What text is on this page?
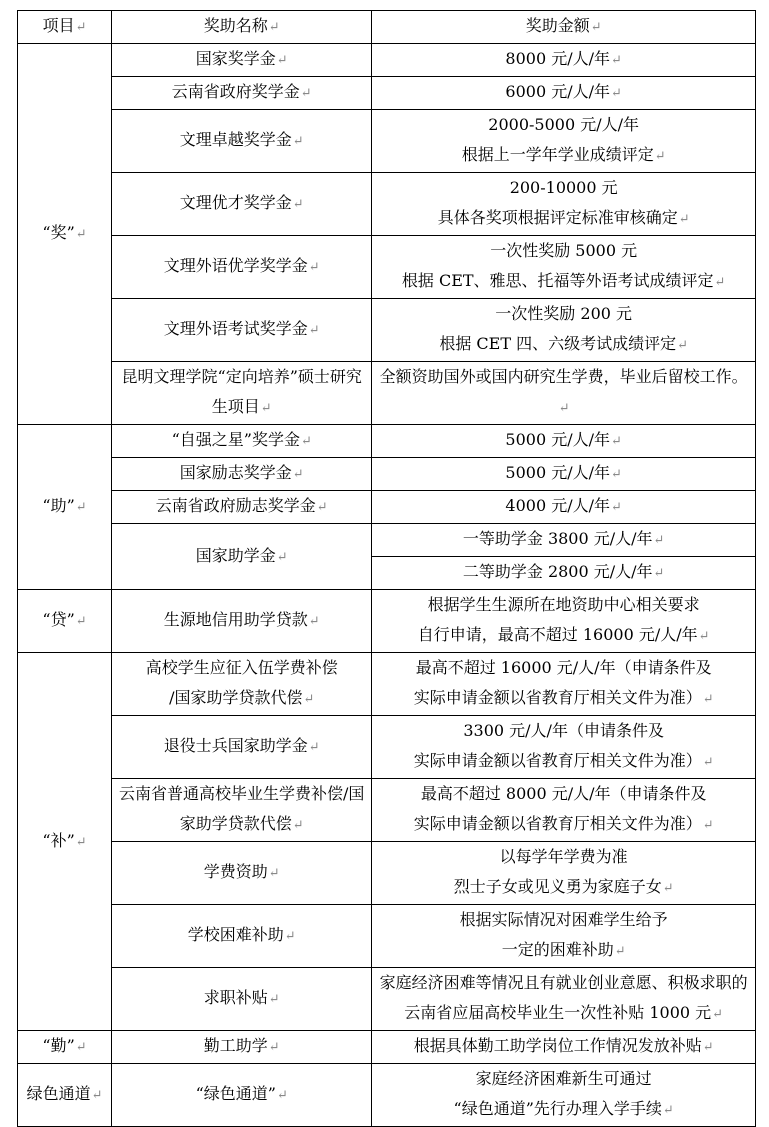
项目↵	奖助名称↵	奖助金额↵
“奖”↵	国家奖学金↵	8000 元/人/年↵
	云南省政府奖学金↵	6000 元/人/年↵
	文理卓越奖学金↵	2000-5000 元/人/年
根据上一学年学业成绩评定↵
	文理优才奖学金↵	200-10000 元
具体各奖项根据评定标准审核确定↵
	文理外语优学奖学金↵	一次性奖励 5000 元
根据 CET、雅思、托福等外语考试成绩评定↵
	文理外语考试奖学金↵	一次性奖励 200 元
根据 CET 四、六级考试成绩评定↵
	昆明文理学院“定向培养”硕士研究生项目↵	全额资助国外或国内研究生学费，毕业后留校工作。↵
“助”↵	“自强之星”奖学金↵	5000 元/人/年↵
	国家励志奖学金↵	5000 元/人/年↵
	云南省政府励志奖学金↵	4000 元/人/年↵
	国家助学金↵	一等助学金 3800 元/人/年↵
		二等助学金 2800 元/人/年↵
“贷”↵	生源地信用助学贷款↵	根据学生生源所在地资助中心相关要求
自行申请，最高不超过 16000 元/人/年↵
“补”↵	高校学生应征入伍学费补偿
/国家助学贷款代偿↵	最高不超过 16000 元/人/年（申请条件及
实际申请金额以省教育厅相关文件为准）↵
	退役士兵国家助学金↵	3300 元/人/年（申请条件及
实际申请金额以省教育厅相关文件为准）↵
	云南省普通高校毕业生学费补偿/国家助学贷款代偿↵	最高不超过 8000 元/人/年（申请条件及
实际申请金额以省教育厅相关文件为准）↵
	学费资助↵	以每学年学费为准
烈士子女或见义勇为家庭子女↵
	学校困难补助↵	根据实际情况对困难学生给予
一定的困难补助↵
	求职补贴↵	家庭经济困难等情况且有就业创业意愿、积极求职的云南省应届高校毕业生一次性补贴 1000 元↵
“勤”↵	勤工助学↵	根据具体勤工助学岗位工作情况发放补贴↵
绿色通道↵	“绿色通道”↵	家庭经济困难新生可通过
“绿色通道”先行办理入学手续↵
